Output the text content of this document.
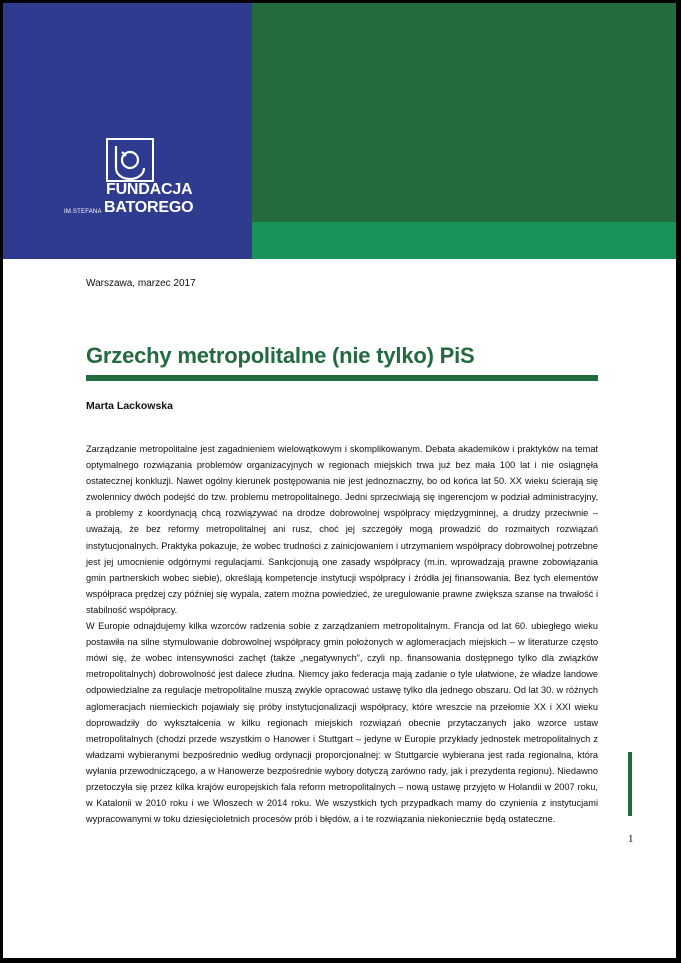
FUNDACJA
IM.STEFANA BATOREGO
Warszawa, marzec 2017
Grzechy metropolitalne (nie tylko) PiS
Marta Lackowska

Zarządzanie metropolitalne jest zagadnieniem wielowątkowym i skomplikowanym. Debata akademików i praktyków na temat optymalnego rozwiązania problemów organizacyjnych w regionach miejskich trwa już bez mała 100 lat i nie osiągnęła ostatecznej konkluzji. Nawet ogólny kierunek postępowania nie jest jednoznaczny, bo od końca lat 50. XX wieku ścierają się zwolennicy dwóch podejść do tzw. problemu metropolitalnego. Jedni sprzeciwiają się ingerencjom w podział administracyjny, a problemy z koordynacją chcą rozwiązywać na drodze dobrowolnej współpracy międzygminnej, a drudzy przeciwnie – uważają, że bez reformy metropolitalnej ani rusz, choć jej szczegóły mogą prowadzić do rozmaitych rozwiązań instytucjonalnych. Praktyka pokazuje, że wobec trudności z zainicjowaniem i utrzymaniem współpracy dobrowolnej potrzebne jest jej umocnienie odgórnymi regulacjami. Sankcjonują one zasady współpracy (m.in. wprowadzają prawne zobowiązania gmin partnerskich wobec siebie), określają kompetencje instytucji współpracy i źródła jej finansowania. Bez tych elementów współpraca prędzej czy później się wypala, zatem można powiedzieć, że uregulowanie prawne zwiększa szanse na trwałość i stabilność współpracy.

W Europie odnajdujemy kilka wzorców radzenia sobie z zarządzaniem metropolitalnym. Francja od lat 60. ubiegłego wieku postawiła na silne stymulowanie dobrowolnej współpracy gmin położonych w aglomeracjach miejskich – w literaturze często mówi się, że wobec intensywności zachęt (także „negatywnych”, czyli np. finansowania dostępnego tylko dla związków metropolitalnych) dobrowolność jest dalece złudna. Niemcy jako federacja mają zadanie o tyle ułatwione, że władze landowe odpowiedzialne za regulacje metropolitalne muszą zwykle opracować ustawę tylko dla jednego obszaru. Od lat 30. w różnych aglomeracjach niemieckich pojawiały się próby instytucjonalizacji współpracy, które wreszcie na przełomie XX i XXI wieku doprowadziły do wykształcenia w kilku regionach miejskich rozwiązań obecnie przytaczanych jako wzorce ustaw metropolitalnych (chodzi przede wszystkim o Hanower i Stuttgart – jedyne w Europie przykłady jednostek metropolitalnych z władzami wybieranymi bezpośrednio według ordynacji proporcjonalnej: w Stuttgarcie wybierana jest rada regionalna, która wyłania przewodniczącego, a w Hanowerze bezpośrednie wybory dotyczą zarówno rady, jak i prezydenta regionu). Niedawno przetoczyła się przez kilka krajów europejskich fala reform metropolitalnych – nową ustawę przyjęto w Holandii w 2007 roku, w Katalonii w 2010 roku i we Włoszech w 2014 roku. We wszystkich tych przypadkach mamy do czynienia z instytucjami wypracowanymi w toku dziesięcioletnich procesów prób i błędów, a i te rozwiązania niekoniecznie będą ostateczne.

1
